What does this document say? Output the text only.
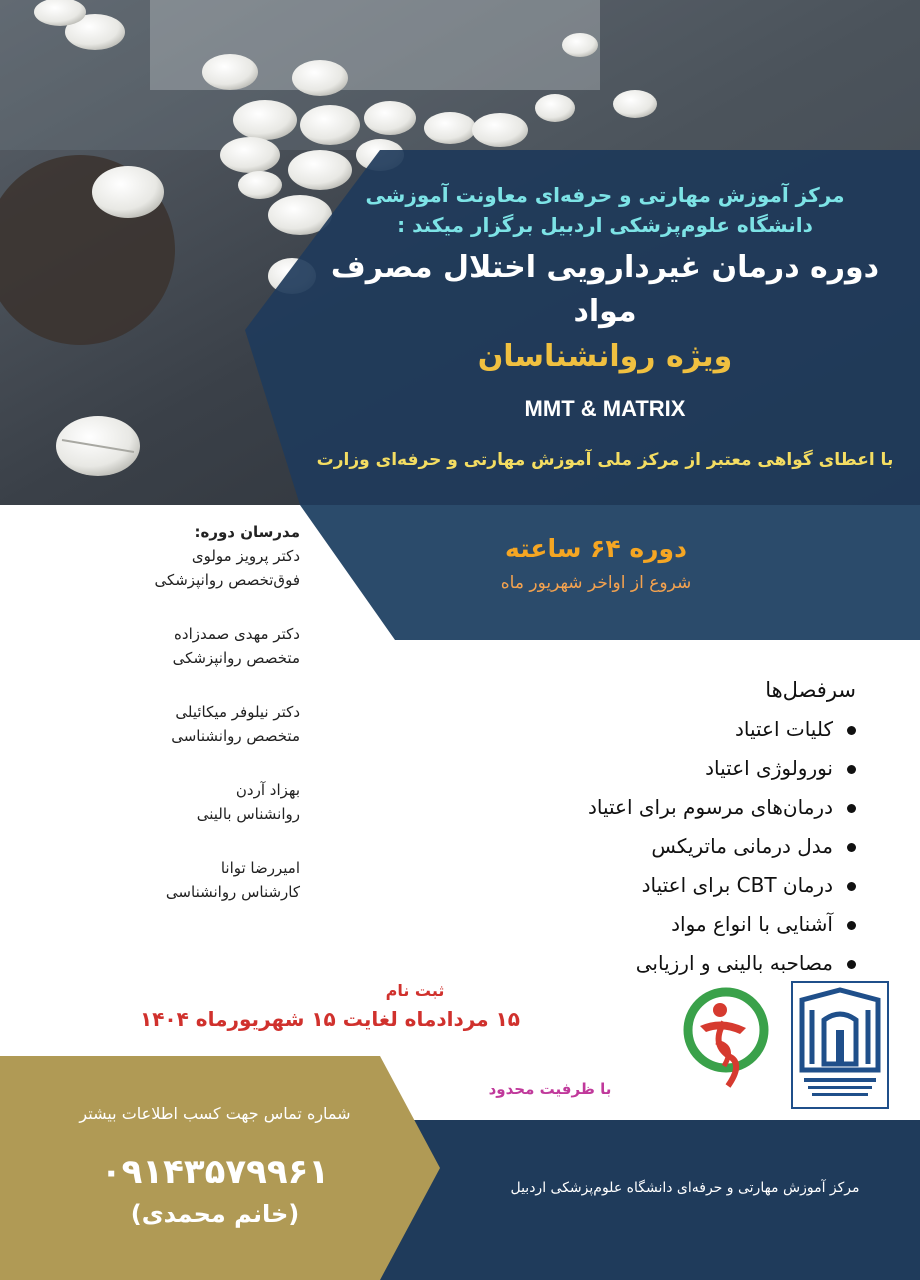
مرکز آموزش مهارتی و حرفه‌ای معاونت آموزشی
دانشگاه علوم‌پزشکی اردبیل برگزار میکند :
دوره درمان غیردارویی اختلال مصرف مواد
ویژه روانشناسان
MMT & MATRIX
با اعطای گواهی معتبر از مرکز ملی آموزش مهارتی و حرفه‌ای وزارت
دوره ۶۴ ساعته
شروع از اواخر شهریور ماه
مدرسان دوره:
دکتر پرویز مولوی
فوق‌تخصص روانپزشکی
دکتر مهدی صمدزاده
متخصص روانپزشکی
دکتر نیلوفر میکائیلی
متخصص روانشناسی
بهزاد آردن
روانشناس بالینی
امیررضا توانا
کارشناس روانشناسی
سرفصل‌ها
کلیات اعتیاد
نورولوژی اعتیاد
درمان‌های مرسوم برای اعتیاد
مدل درمانی ماتریکس
درمان CBT برای اعتیاد
آشنایی با انواع مواد
مصاحبه بالینی و ارزیابی
ثبت نام
۱۵ مردادماه لغایت ۱۵ شهریورماه ۱۴۰۴
با ظرفیت محدود
شماره تماس جهت کسب اطلاعات بیشتر
۰۹۱۴۳۵۷۹۹۶۱
(خانم محمدی)
مرکز آموزش مهارتی و حرفه‌ای دانشگاه علوم‌پزشکی اردبیل
